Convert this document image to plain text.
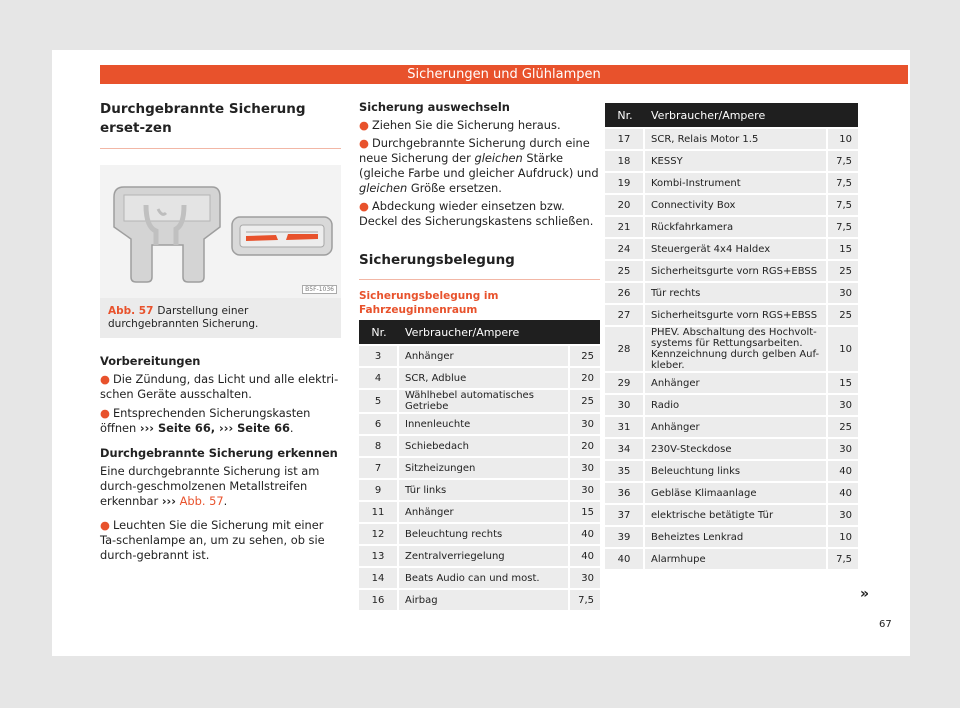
Sicherungen und Glühlampen
Durchgebrannte Sicherung erset-zen
B5F-1036
Abb. 57 Darstellung einer durchgebrannten Sicherung.

Vorbereitungen

● Die Zündung, das Licht und alle elektri-schen Geräte ausschalten.

● Entsprechenden Sicherungskasten öffnen ››› Seite 66, ››› Seite 66.

Durchgebrannte Sicherung erkennen

Eine durchgebrannte Sicherung ist am durch-geschmolzenen Metallstreifen erkennbar ››› Abb. 57.

● Leuchten Sie die Sicherung mit einer Ta-schenlampe an, um zu sehen, ob sie durch-gebrannt ist.

Sicherung auswechseln

● Ziehen Sie die Sicherung heraus.

● Durchgebrannte Sicherung durch eine neue Sicherung der gleichen Stärke (gleiche Farbe und gleicher Aufdruck) und gleichen Größe ersetzen.

● Abdeckung wieder einsetzen bzw. Deckel des Sicherungskastens schließen.

Sicherungsbelegung
Sicherungsbelegung im Fahrzeuginnenraum
Nr.	Verbraucher/Ampere	
3	Anhänger	25
4	SCR, Adblue	20
5	Wählhebel automatisches Getriebe	25
6	Innenleuchte	30
8	Schiebedach	20
7	Sitzheizungen	30
9	Tür links	30
11	Anhänger	15
12	Beleuchtung rechts	40
13	Zentralverriegelung	40
14	Beats Audio can und most.	30
16	Airbag	7,5
Nr.	Verbraucher/Ampere	
17	SCR, Relais Motor 1.5	10
18	KESSY	7,5
19	Kombi-Instrument	7,5
20	Connectivity Box	7,5
21	Rückfahrkamera	7,5
24	Steuergerät 4x4 Haldex	15
25	Sicherheitsgurte vorn RGS+EBSS	25
26	Tür rechts	30
27	Sicherheitsgurte vorn RGS+EBSS	25
28	PHEV. Abschaltung des Hochvolt-systems für Rettungsarbeiten. Kennzeichnung durch gelben Auf-kleber.	10
29	Anhänger	15
30	Radio	30
31	Anhänger	25
34	230V-Steckdose	30
35	Beleuchtung links	40
36	Gebläse Klimaanlage	40
37	elektrische betätigte Tür	30
39	Beheiztes Lenkrad	10
40	Alarmhupe	7,5
»
67
